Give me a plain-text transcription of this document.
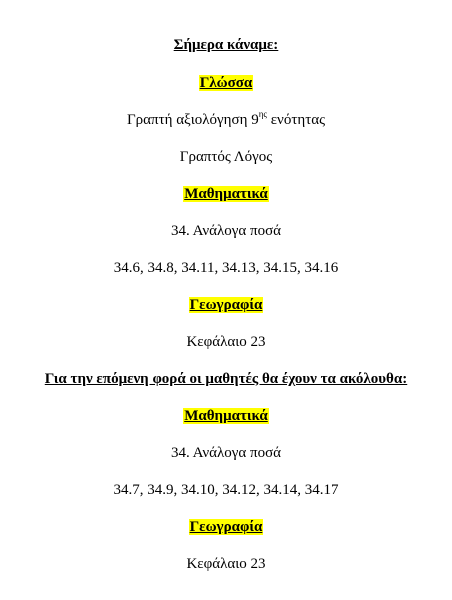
Σήμερα κάναμε:
Γλώσσα
Γραπτή αξιολόγηση $9^{\eta\varsigma}$ ενότητας
Γραπτός Λόγος
Μαθηματικά
34. Ανάλογα ποσά
34.6, 34.8, 34.11, 34.13, 34.15, 34.16
Γεωγραφία
Κεφάλαιο 23
Για την επόμενη φορά οι μαθητές θα έχουν τα ακόλουθα:
Μαθηματικά
34. Ανάλογα ποσά
34.7, 34.9, 34.10, 34.12, 34.14, 34.17
Γεωγραφία
Κεφάλαιο 23
